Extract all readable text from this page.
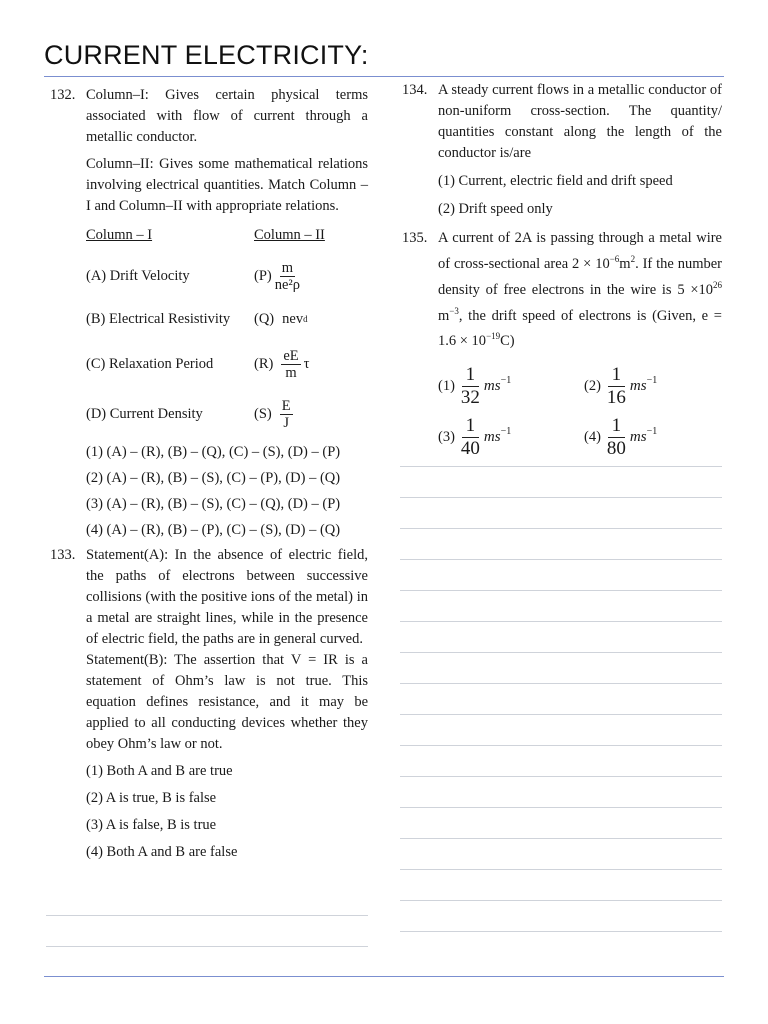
CURRENT ELECTRICITY:
132. Column–I: Gives certain physical terms associated with flow of current through a metallic conductor.

Column–II: Gives some mathematical relations involving electrical quantities. Match Column – I and Column–II with appropriate relations.

Column – I	Column – II
(A) Drift Velocity	$(P) \frac{m}{\text{ne²ρ}}$
(B) Electrical Resistivity	(Q) nev d
(C) Relaxation Period	$(R) \frac{eE}{m}$ τ
(D) Current Density	$(S) \frac{E}{J}$
(1) (A) – (R), (B) – (Q), (C) – (S), (D) – (P)
(2) (A) – (R), (B) – (S), (C) – (P), (D) – (Q)
(3) (A) – (R), (B) – (S), (C) – (Q), (D) – (P)
(4) (A) – (R), (B) – (P), (C) – (S), (D) – (Q)
133. Statement(A): In the absence of electric field, the paths of electrons between successive collisions (with the positive ions of the metal) in a metal are straight lines, while in the presence of electric field, the paths are in general curved.

Statement(B): The assertion that V = IR is a statement of Ohm’s law is not true. This equation defines resistance, and it may be applied to all conducting devices whether they obey Ohm’s law or not.

(1) Both A and B are true
(2) A is true, B is false
(3) A is false, B is true
(4) Both A and B are false
134. A steady current flows in a metallic conductor of non-uniform cross-section. The quantity/ quantities constant along the length of the conductor is/are

(1) Current, electric field and drift speed
(2) Drift speed only
135. A current of 2A is passing through a metal wire of cross-sectional area $2 \times 10^{-6}m^2$. If the number density of free electrons in the wire is $5 \times 10^{26}$ $m^{-3}$, the drift speed of electrons is (Given, $e = 1.6 \times 10^{-19}C$)

(1)
1
32
$ms^{-1}$	(2)
1
16
$ms^{-1}$
(3)
1
40
$ms^{-1}$	(4)
1
80
$ms^{-1}$
